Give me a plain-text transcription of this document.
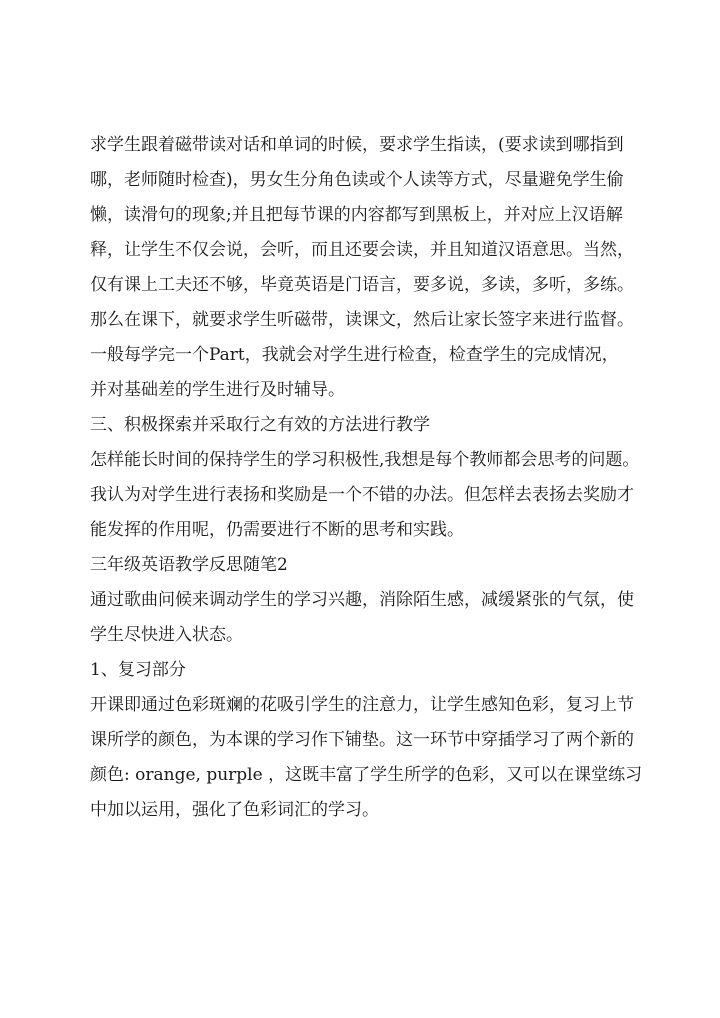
求学生跟着磁带读对话和单词的时候，要求学生指读，(要求读到哪指到
哪，老师随时检查)，男女生分角色读或个人读等方式，尽量避免学生偷
懒，读滑句的现象;并且把每节课的内容都写到黑板上，并对应上汉语解
释，让学生不仅会说，会听，而且还要会读，并且知道汉语意思。当然，
仅有课上工夫还不够，毕竟英语是门语言，要多说，多读，多听，多练。
那么在课下，就要求学生听磁带，读课文，然后让家长签字来进行监督。
一般每学完一个Part，我就会对学生进行检查，检查学生的完成情况，
并对基础差的学生进行及时辅导。
三、积极探索并采取行之有效的方法进行教学
怎样能长时间的保持学生的学习积极性,我想是每个教师都会思考的问题。
我认为对学生进行表扬和奖励是一个不错的办法。但怎样去表扬去奖励才
能发挥的作用呢，仍需要进行不断的思考和实践。
三年级英语教学反思随笔2
通过歌曲问候来调动学生的学习兴趣，消除陌生感，减缓紧张的气氛，使
学生尽快进入状态。
1、复习部分
开课即通过色彩斑斓的花吸引学生的注意力，让学生感知色彩，复习上节
课所学的颜色，为本课的学习作下铺垫。这一环节中穿插学习了两个新的
颜色: orange, purple ，这既丰富了学生所学的色彩，又可以在课堂练习
中加以运用，强化了色彩词汇的学习。
